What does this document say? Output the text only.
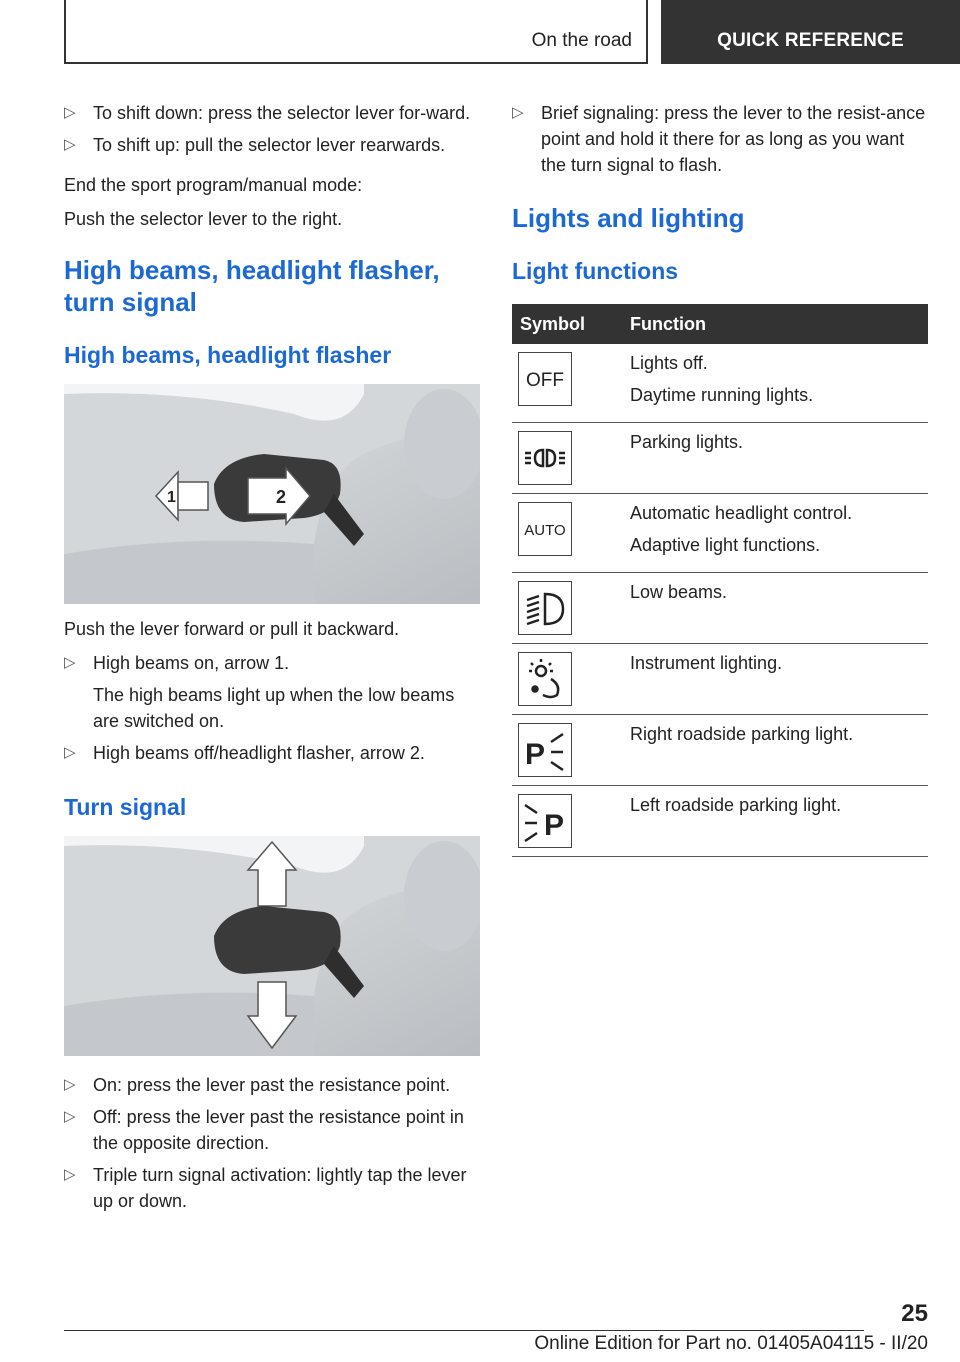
On the road	QUICK REFERENCE
▷ To shift down: press the selector lever for‐ward.
▷ To shift up: pull the selector lever rearwards.

End the sport program/manual mode:

Push the selector lever to the right.

High beams, headlight flasher, turn signal
High beams, headlight flasher
1	2

Push the lever forward or pull it backward.

▷ High beams on, arrow 1.
The high beams light up when the low beams are switched on.
▷ High beams off/headlight flasher, arrow 2.
Turn signal
▷ On: press the lever past the resistance point.
▷ Off: press the lever past the resistance point in the opposite direction.
▷ Triple turn signal activation: lightly tap the lever up or down.
▷ Brief signaling: press the lever to the resist‐ance point and hold it there for as long as you want the turn signal to flash.
Lights and lighting
Light functions
Symbol	Function

OFF	Lights off.
Daytime running lights.

Parking lights.

AUTO	Automatic headlight control.
Adaptive light functions.

Low beams.

Instrument lighting.

P	Right roadside parking light.

P	Left roadside parking light.
25
Online Edition for Part no. 01405A04115 - II/20
